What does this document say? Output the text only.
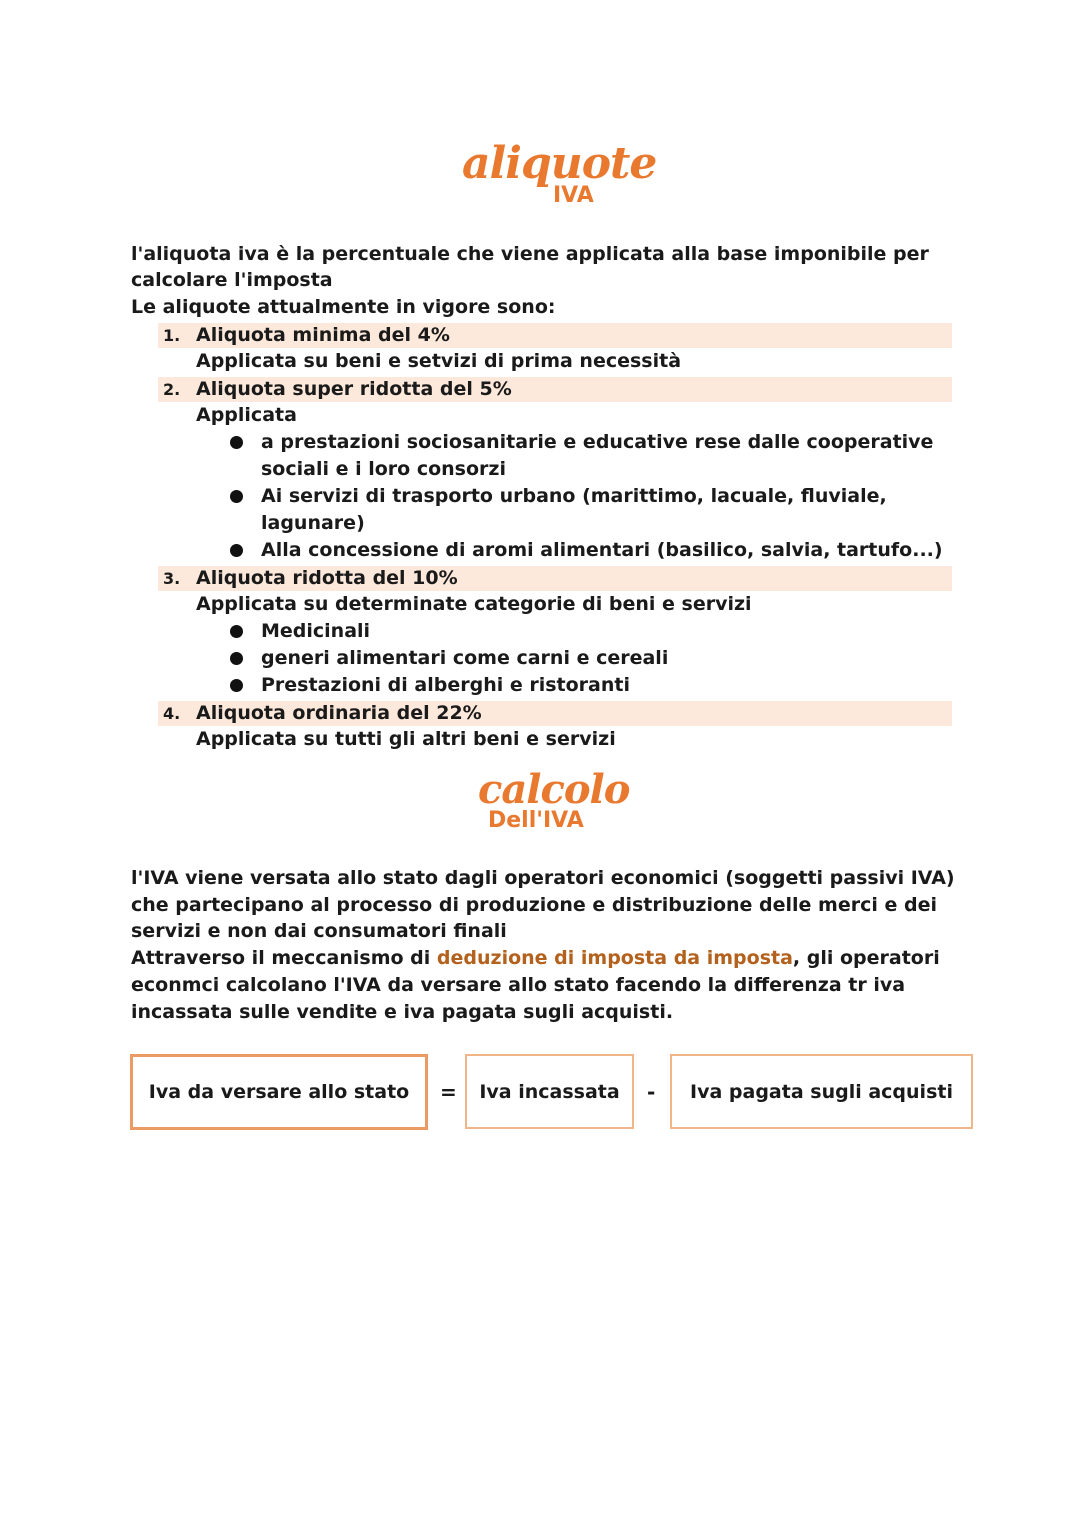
aliquote
IVA
l'aliquota iva è la percentuale che viene applicata alla base imponibile per
calcolare l'imposta
Le aliquote attualmente in vigore sono:
1. Aliquota minima del 4%
Applicata su beni e setvizi di prima necessità
2. Aliquota super ridotta del 5%
Applicata
a prestazioni sociosanitarie e educative rese dalle cooperative
sociali e i loro consorzi
Ai servizi di trasporto urbano (marittimo, lacuale, fluviale,
lagunare)
Alla concessione di aromi alimentari (basilico, salvia, tartufo...)
3. Aliquota ridotta del 10%
Applicata su determinate categorie di beni e servizi
Medicinali
generi alimentari come carni e cereali
Prestazioni di alberghi e ristoranti
4. Aliquota ordinaria del 22%
Applicata su tutti gli altri beni e servizi
calcolo
Dell'IVA
l'IVA viene versata allo stato dagli operatori economici (soggetti passivi IVA)
che partecipano al processo di produzione e distribuzione delle merci e dei
servizi e non dai consumatori finali
Attraverso il meccanismo di deduzione di imposta da imposta, gli operatori
econmci calcolano l'IVA da versare allo stato facendo la differenza tr iva
incassata sulle vendite e iva pagata sugli acquisti.
Iva da versare allo stato	=	Iva incassata	-	Iva pagata sugli acquisti
